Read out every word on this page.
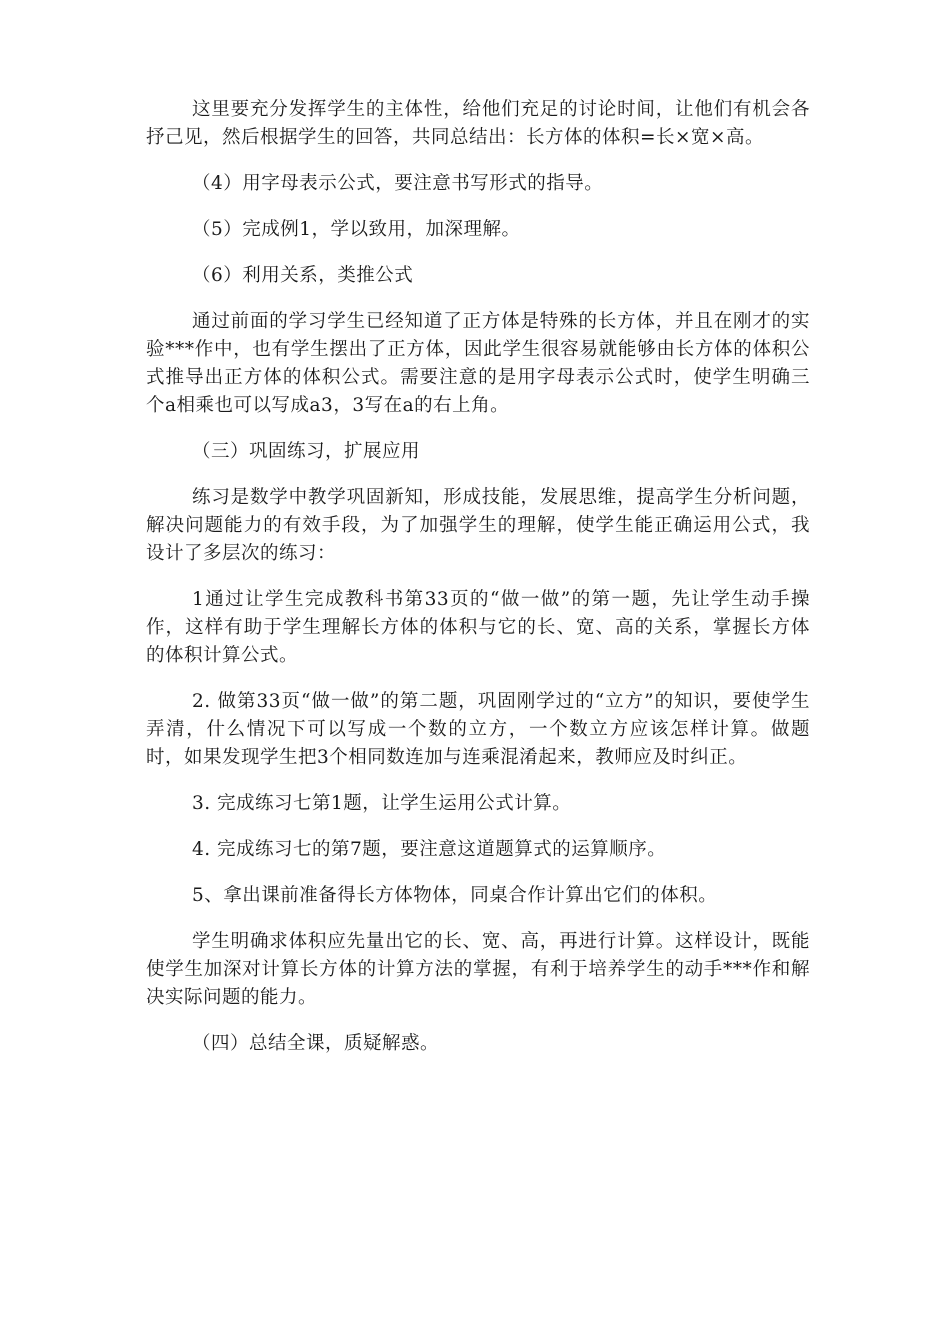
这里要充分发挥学生的主体性，给他们充足的讨论时间，让他们有机会各抒己见，然后根据学生的回答，共同总结出：长方体的体积=长×宽×高。

（4）用字母表示公式，要注意书写形式的指导。

（5）完成例1，学以致用，加深理解。

（6）利用关系，类推公式

通过前面的学习学生已经知道了正方体是特殊的长方体，并且在刚才的实验***作中，也有学生摆出了正方体，因此学生很容易就能够由长方体的体积公式推导出正方体的体积公式。需要注意的是用字母表示公式时，使学生明确三个a相乘也可以写成a3，3写在a的右上角。

（三）巩固练习，扩展应用

练习是数学中教学巩固新知，形成技能，发展思维，提高学生分析问题，解决问题能力的有效手段，为了加强学生的理解，使学生能正确运用公式，我设计了多层次的练习：

1通过让学生完成教科书第33页的“做一做”的第一题，先让学生动手操作，这样有助于学生理解长方体的体积与它的长、宽、高的关系，掌握长方体的体积计算公式。

2. 做第33页“做一做”的第二题，巩固刚学过的“立方”的知识，要使学生弄清，什么情况下可以写成一个数的立方，一个数立方应该怎样计算。做题时，如果发现学生把3个相同数连加与连乘混淆起来，教师应及时纠正。

3. 完成练习七第1题，让学生运用公式计算。

4. 完成练习七的第7题，要注意这道题算式的运算顺序。

5、拿出课前准备得长方体物体，同桌合作计算出它们的体积。

学生明确求体积应先量出它的长、宽、高，再进行计算。这样设计，既能使学生加深对计算长方体的计算方法的掌握，有利于培养学生的动手***作和解决实际问题的能力。

（四）总结全课，质疑解惑。
